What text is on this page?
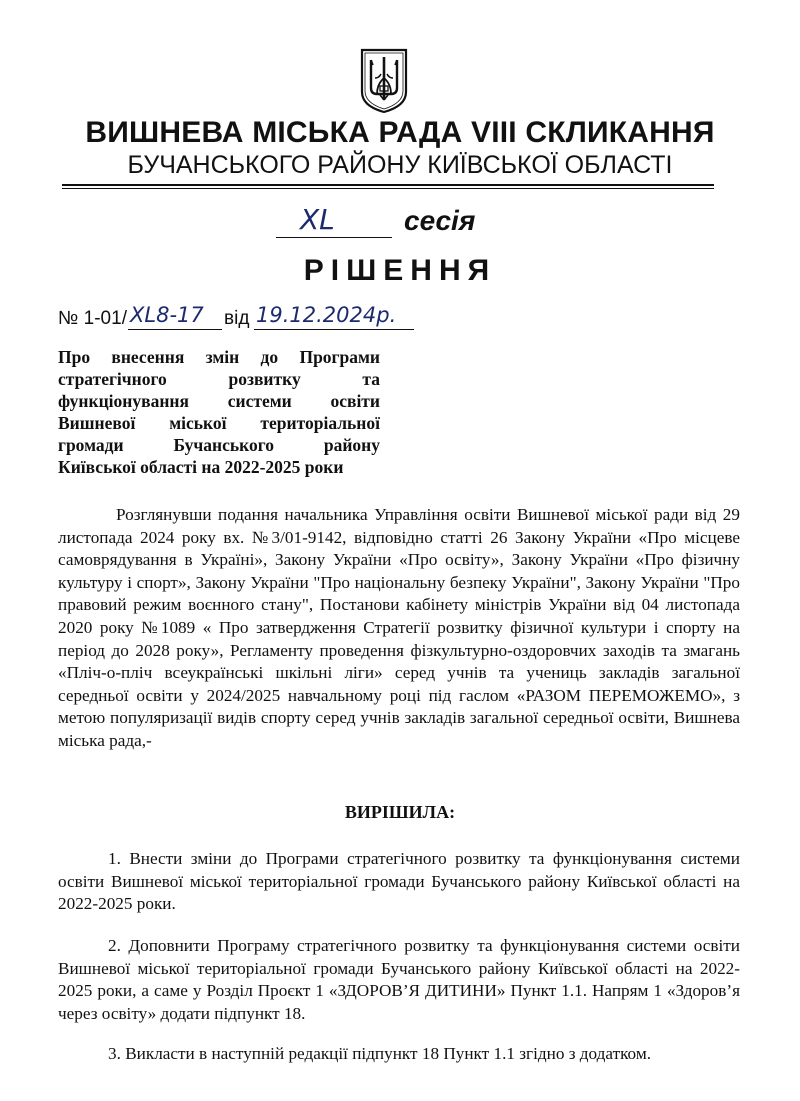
ВИШНЕВА МІСЬКА РАДА VIII СКЛИКАННЯ
БУЧАНСЬКОГО РАЙОНУ КИЇВСЬКОЇ ОБЛАСТІ
XL сесія
РІШЕННЯ
№ 1-01/ XL8-17 від 19.12.2024р.
Про внесення змін до Програми
стратегічного розвитку та
функціонування системи освіти
Вишневої міської територіальної
громади Бучанського району
Київської області на 2022-2025 роки
Розглянувши подання начальника Управління освіти Вишневої міської ради від 29 листопада 2024 року вх. №3/01-9142, відповідно статті 26 Закону України «Про місцеве самоврядування в Україні», Закону України «Про освіту», Закону України «Про фізичну культуру і спорт», Закону України "Про національну безпеку України", Закону України "Про правовий режим воєнного стану", Постанови кабінету міністрів України від 04 листопада 2020 року №1089 « Про затвердження Стратегії розвитку фізичної культури і спорту на період до 2028 року», Регламенту проведення фізкультурно-оздоровчих заходів та змагань «Пліч-о-пліч всеукраїнські шкільні ліги» серед учнів та учениць закладів загальної середньої освіти у 2024/2025 навчальному році під гаслом «РАЗОМ ПЕРЕМОЖЕМО», з метою популяризації видів спорту серед учнів закладів загальної середньої освіти, Вишнева міська рада,-
ВИРІШИЛА:
1. Внести зміни до Програми стратегічного розвитку та функціонування системи освіти Вишневої міської територіальної громади Бучанського району Київської області на 2022-2025 роки.
2. Доповнити Програму стратегічного розвитку та функціонування системи освіти Вишневої міської територіальної громади Бучанського району Київської області на 2022-2025 роки, а саме у Розділ Проєкт 1 «ЗДОРОВ’Я ДИТИНИ» Пункт 1.1. Напрям 1 «Здоров’я через освіту» додати підпункт 18.
3. Викласти в наступній редакції підпункт 18 Пункт 1.1 згідно з додатком.
